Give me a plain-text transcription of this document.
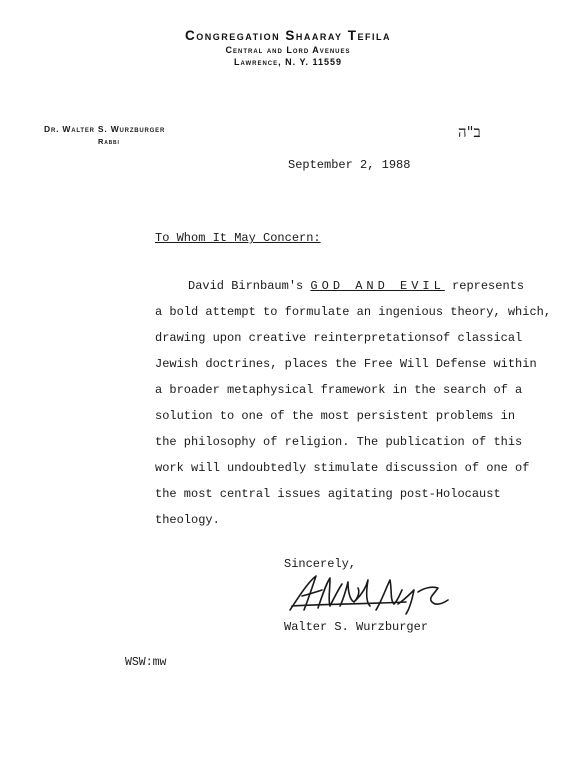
Congregation Shaaray Tefila
Central and Lord Avenues
Lawrence, N. Y. 11559
Dr. Walter S. Wurzburger
Rabbi
ב"ה
September 2, 1988
To Whom It May Concern:
David Birnbaum's GOD AND EVIL represents
a bold attempt to formulate an ingenious theory, which,
drawing upon creative reinterpretationsof classical
Jewish doctrines, places the Free Will Defense within
a broader metaphysical framework in the search of a
solution to one of the most persistent problems in
the philosophy of religion. The publication of this
work will undoubtedly stimulate discussion of one of
the most central issues agitating post-Holocaust
theology.
Sincerely,
Walter S. Wurzburger
WSW:mw
